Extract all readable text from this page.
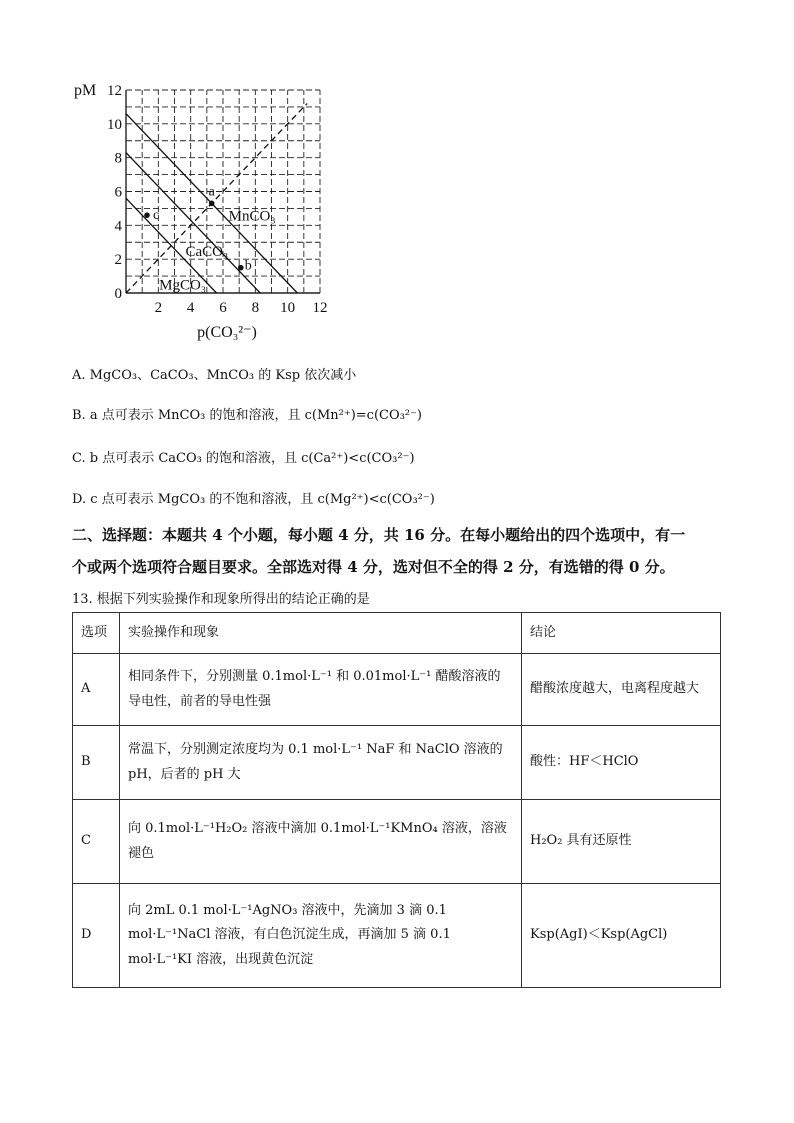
0
2
4
6
8
10
12
2 4 6 8 10 12
pM
p(CO₃²⁻)
MnCO₃
CaCO₃
MgCO₃
a
b
c
A. MgCO₃、CaCO₃、MnCO₃ 的 Ksp 依次减小
B. a 点可表示 MnCO₃ 的饱和溶液，且 c(Mn²⁺)=c(CO₃²⁻)
C. b 点可表示 CaCO₃ 的饱和溶液，且 c(Ca²⁺)<c(CO₃²⁻)
D. c 点可表示 MgCO₃ 的不饱和溶液，且 c(Mg²⁺)<c(CO₃²⁻)
二、选择题：本题共 4 个小题，每小题 4 分，共 16 分。在每小题给出的四个选项中，有一
个或两个选项符合题目要求。全部选对得 4 分，选对但不全的得 2 分，有选错的得 0 分。
13. 根据下列实验操作和现象所得出的结论正确的是
选项	实验操作和现象	结论
A	相同条件下，分别测量 0.1mol·L⁻¹ 和 0.01mol·L⁻¹ 醋酸溶液的导电性，前者的导电性强	醋酸浓度越大，电离程度越大
B	常温下，分别测定浓度均为 0.1 mol·L⁻¹ NaF 和 NaClO 溶液的 pH，后者的 pH 大	酸性：HF＜HClO
C	向 0.1mol·L⁻¹H₂O₂ 溶液中滴加 0.1mol·L⁻¹KMnO₄ 溶液，溶液褪色	H₂O₂ 具有还原性
D	向 2mL 0.1 mol·L⁻¹AgNO₃ 溶液中，先滴加 3 滴 0.1 mol·L⁻¹NaCl 溶液，有白色沉淀生成，再滴加 5 滴 0.1 mol·L⁻¹KI 溶液，出现黄色沉淀	Ksp(AgI)＜Ksp(AgCl)
